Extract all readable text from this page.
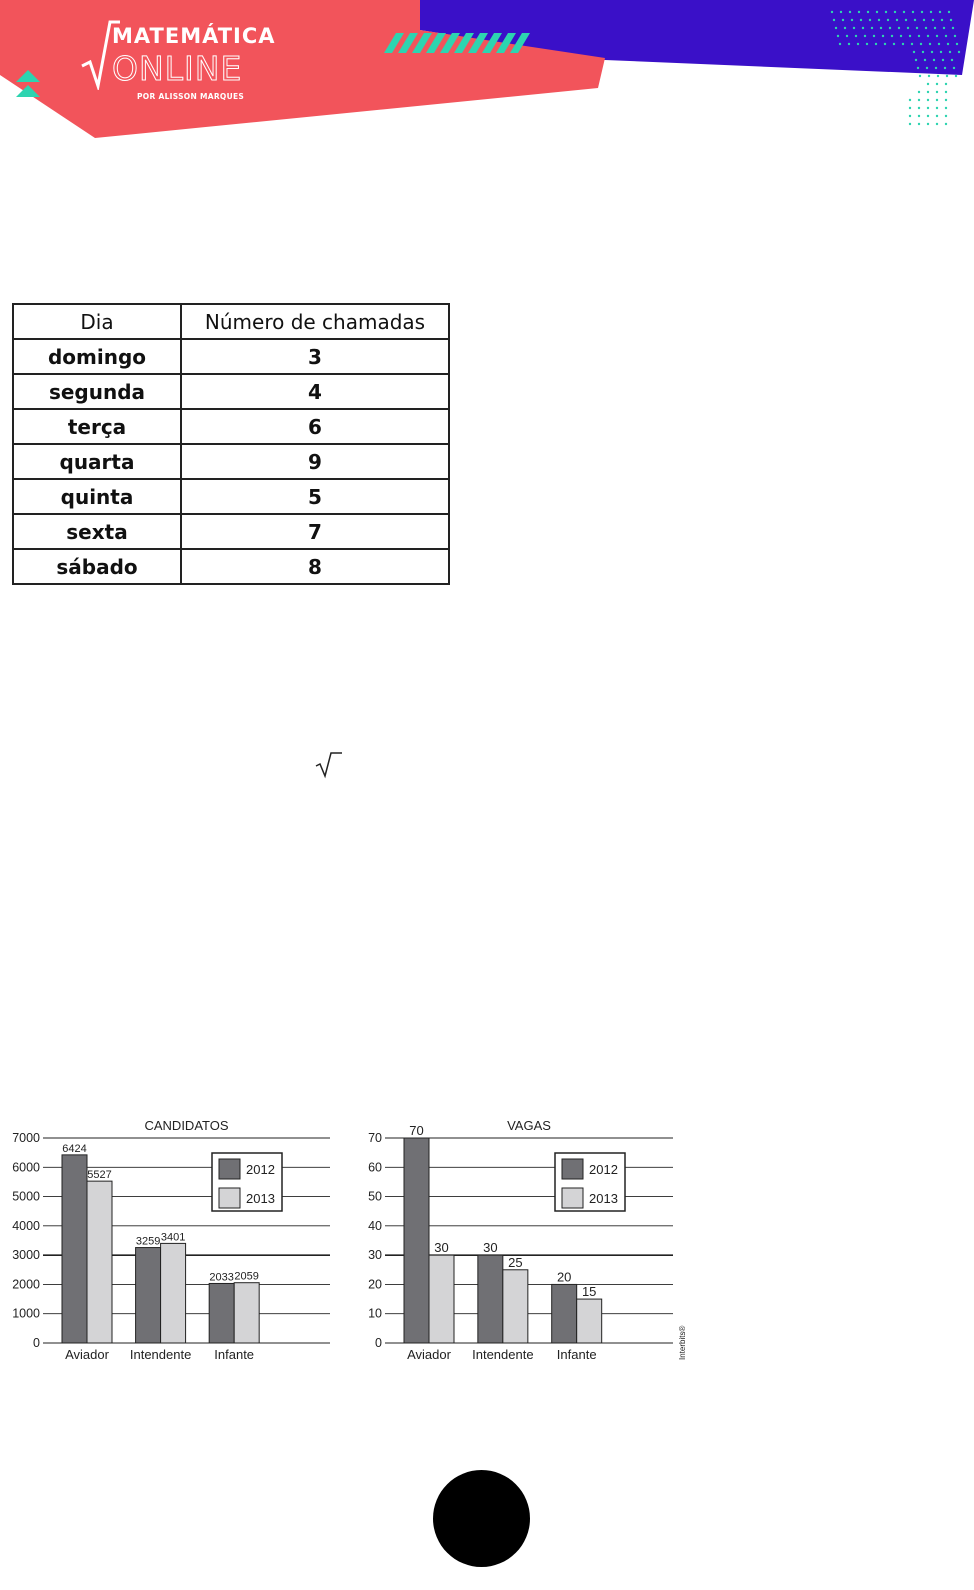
MATEMÁTICA
ONLINE
POR ALISSON MARQUES
Dia	Número de chamadas
domingo	3
segunda	4
terça	6
quarta	9
quinta	5
sexta	7
sábado	8
CANDIDATOS
0
1000
2000
3000
4000
5000
6000
7000
6424
5527
Aviador
3259 3401
Intendente
2033 2059
Infante
2012
2013
VAGAS
0
10
20
30
40
50
60
70 70
30
Aviador
30
25
Intendente
20
15
Infante
2012
2013
Interbits®
